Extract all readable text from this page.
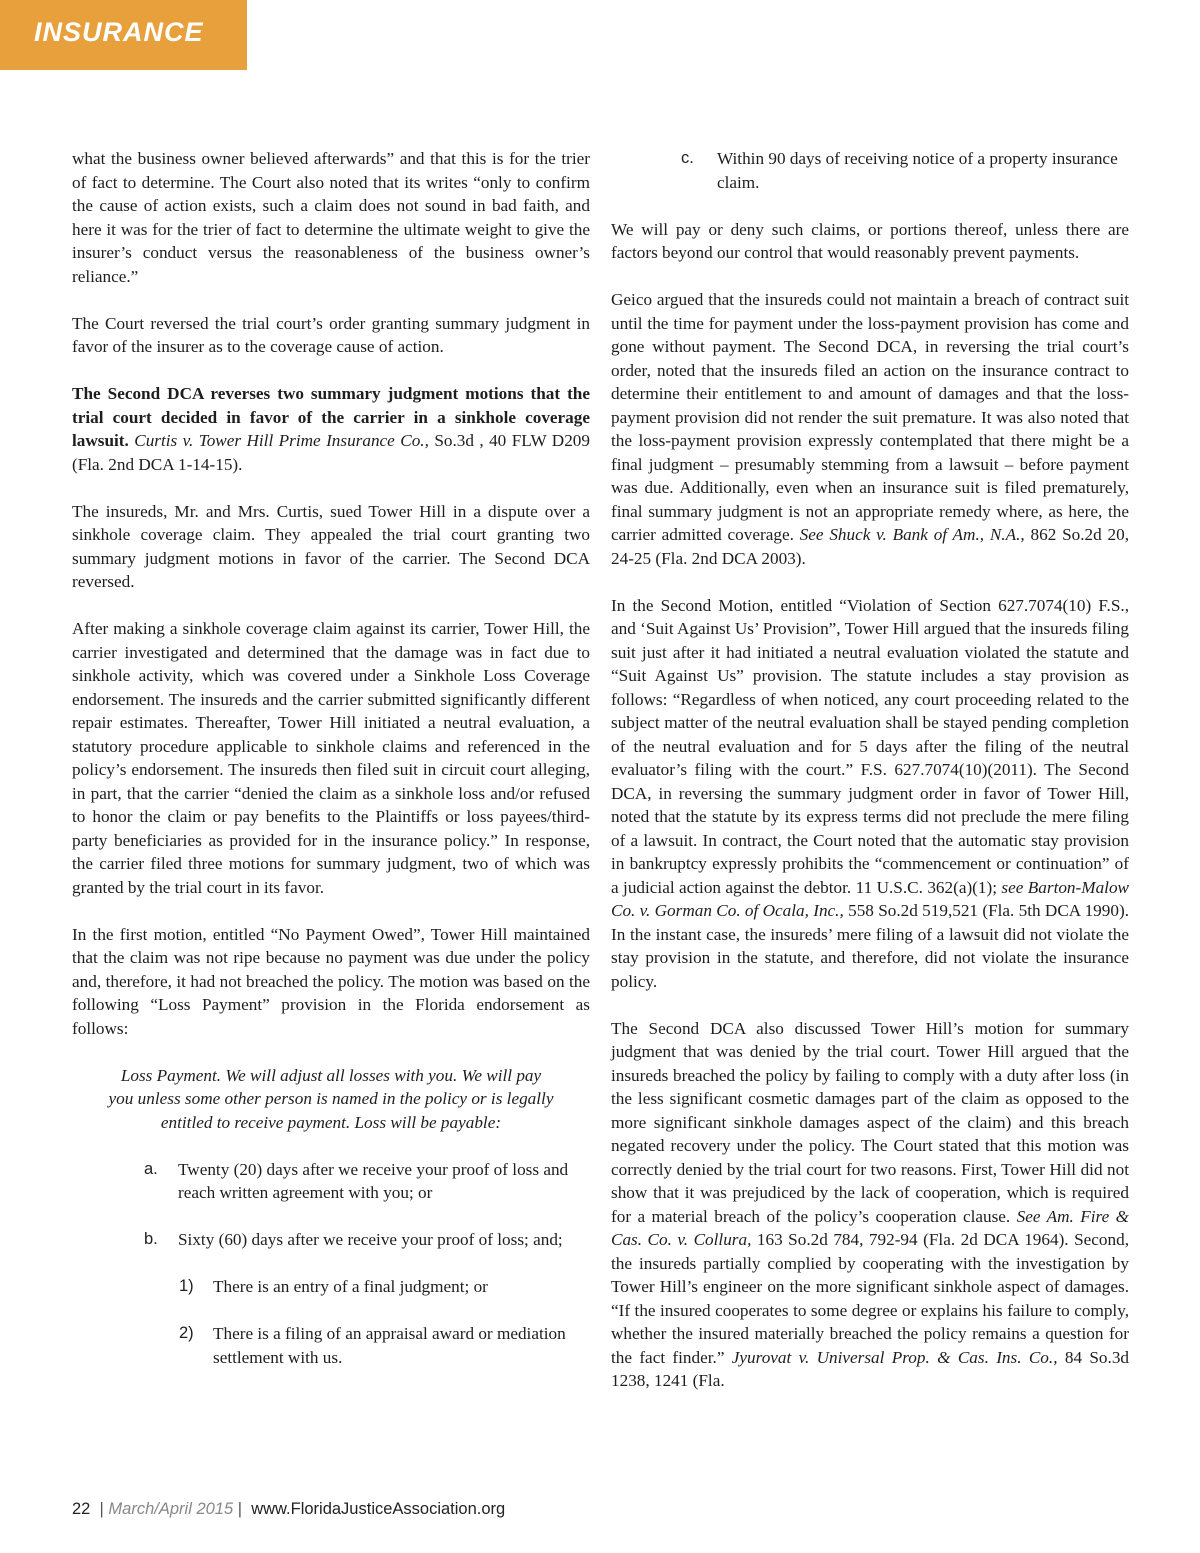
INSURANCE

what the business owner believed afterwards” and that this is for the trier of fact to determine. The Court also noted that its writes “only to confirm the cause of action exists, such a claim does not sound in bad faith, and here it was for the trier of fact to determine the ultimate weight to give the insurer’s conduct versus the reasonableness of the business owner’s reliance.”

The Court reversed the trial court’s order granting summary judgment in favor of the insurer as to the coverage cause of action.

The Second DCA reverses two summary judgment motions that the trial court decided in favor of the carrier in a sinkhole coverage lawsuit. Curtis v. Tower Hill Prime Insurance Co., So.3d , 40 FLW D209 (Fla. 2nd DCA 1-14-15).

The insureds, Mr. and Mrs. Curtis, sued Tower Hill in a dispute over a sinkhole coverage claim. They appealed the trial court granting two summary judgment motions in favor of the carrier. The Second DCA reversed.

After making a sinkhole coverage claim against its carrier, Tower Hill, the carrier investigated and determined that the damage was in fact due to sinkhole activity, which was covered under a Sinkhole Loss Coverage endorsement. The insureds and the carrier submitted significantly different repair estimates. Thereafter, Tower Hill initiated a neutral evaluation, a statutory procedure applicable to sinkhole claims and referenced in the policy’s endorsement. The insureds then filed suit in circuit court alleging, in part, that the carrier “denied the claim as a sinkhole loss and/or refused to honor the claim or pay benefits to the Plaintiffs or loss payees/third-party beneficiaries as provided for in the insurance policy.” In response, the carrier filed three motions for summary judgment, two of which was granted by the trial court in its favor.

In the first motion, entitled “No Payment Owed”, Tower Hill maintained that the claim was not ripe because no payment was due under the policy and, therefore, it had not breached the policy. The motion was based on the following “Loss Payment” provision in the Florida endorsement as follows:

Loss Payment. We will adjust all losses with you. We will pay you unless some other person is named in the policy or is legally entitled to receive payment. Loss will be payable:
a. Twenty (20) days after we receive your proof of loss and reach written agreement with you; or
b. Sixty (60) days after we receive your proof of loss; and;
1) There is an entry of a final judgment; or
2) There is a filing of an appraisal award or mediation settlement with us.
c. Within 90 days of receiving notice of a property insurance claim.

We will pay or deny such claims, or portions thereof, unless there are factors beyond our control that would reasonably prevent payments.

Geico argued that the insureds could not maintain a breach of contract suit until the time for payment under the loss-payment provision has come and gone without payment. The Second DCA, in reversing the trial court’s order, noted that the insureds filed an action on the insurance contract to determine their entitlement to and amount of damages and that the loss-payment provision did not render the suit premature. It was also noted that the loss-payment provision expressly contemplated that there might be a final judgment – presumably stemming from a lawsuit – before payment was due. Additionally, even when an insurance suit is filed prematurely, final summary judgment is not an appropriate remedy where, as here, the carrier admitted coverage. See Shuck v. Bank of Am., N.A., 862 So.2d 20, 24-25 (Fla. 2nd DCA 2003).

In the Second Motion, entitled “Violation of Section 627.7074(10) F.S., and ‘Suit Against Us’ Provision”, Tower Hill argued that the insureds filing suit just after it had initiated a neutral evaluation violated the statute and “Suit Against Us” provision. The statute includes a stay provision as follows: “Regardless of when noticed, any court proceeding related to the subject matter of the neutral evaluation shall be stayed pending completion of the neutral evaluation and for 5 days after the filing of the neutral evaluator’s filing with the court.” F.S. 627.7074(10)(2011). The Second DCA, in reversing the summary judgment order in favor of Tower Hill, noted that the statute by its express terms did not preclude the mere filing of a lawsuit. In contract, the Court noted that the automatic stay provision in bankruptcy expressly prohibits the “commencement or continuation” of a judicial action against the debtor. 11 U.S.C. 362(a)(1); see Barton-Malow Co. v. Gorman Co. of Ocala, Inc., 558 So.2d 519,521 (Fla. 5th DCA 1990). In the instant case, the insureds’ mere filing of a lawsuit did not violate the stay provision in the statute, and therefore, did not violate the insurance policy.

The Second DCA also discussed Tower Hill’s motion for summary judgment that was denied by the trial court. Tower Hill argued that the insureds breached the policy by failing to comply with a duty after loss (in the less significant cosmetic damages part of the claim as opposed to the more significant sinkhole damages aspect of the claim) and this breach negated recovery under the policy. The Court stated that this motion was correctly denied by the trial court for two reasons. First, Tower Hill did not show that it was prejudiced by the lack of cooperation, which is required for a material breach of the policy’s cooperation clause. See Am. Fire & Cas. Co. v. Collura, 163 So.2d 784, 792-94 (Fla. 2d DCA 1964). Second, the insureds partially complied by cooperating with the investigation by Tower Hill’s engineer on the more significant sinkhole aspect of damages. “If the insured cooperates to some degree or explains his failure to comply, whether the insured materially breached the policy remains a question for the fact finder.” Jyurovat v. Universal Prop. & Cas. Ins. Co., 84 So.3d 1238, 1241 (Fla.

22  | March/April 2015 |  www.FloridaJusticeAssociation.org
